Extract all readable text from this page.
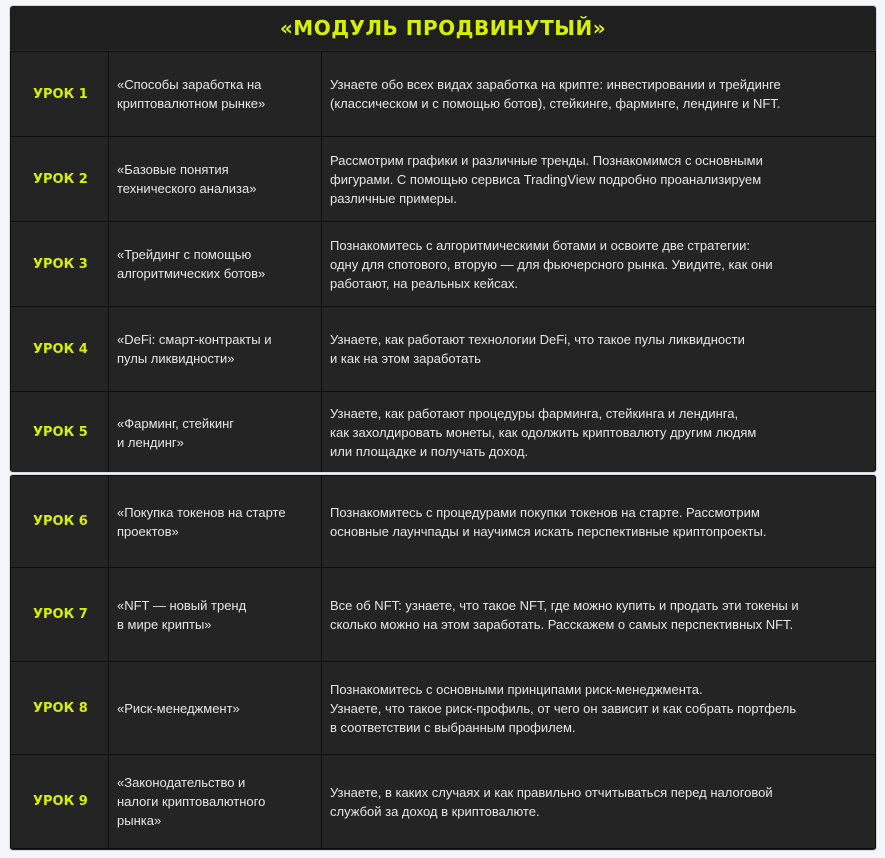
«МОДУЛЬ ПРОДВИНУТЫЙ»
УРОК 1	«Способы заработка на
криптовалютном рынке»	Узнаете обо всех видах заработка на крипте: инвестировании и трейдинге
(классическом и с помощью ботов), стейкинге, фарминге, лендинге и NFT.
УРОК 2	«Базовые понятия
технического анализа»	Рассмотрим графики и различные тренды. Познакомимся с основными
фигурами. С помощью сервиса TradingView подробно проанализируем
различные примеры.
УРОК 3	«Трейдинг с помощью
алгоритмических ботов»	Познакомитесь с алгоритмическими ботами и освоите две стратегии:
одну для спотового, вторую — для фьючерсного рынка. Увидите, как они
работают, на реальных кейсах.
УРОК 4	«DeFi: смарт-контракты и
пулы ликвидности»	Узнаете, как работают технологии DeFi, что такое пулы ликвидности
и как на этом заработать
УРОК 5	«Фарминг, стейкинг
и лендинг»	Узнаете, как работают процедуры фарминга, стейкинга и лендинга,
как захолдировать монеты, как одолжить криптовалюту другим людям
или площадке и получать доход.
УРОК 6	«Покупка токенов на старте
проектов»	Познакомитесь с процедурами покупки токенов на старте. Рассмотрим
основные лаунчпады и научимся искать перспективные криптопроекты.
УРОК 7	«NFT — новый тренд
в мире крипты»	Все об NFT: узнаете, что такое NFT, где можно купить и продать эти токены и
сколько можно на этом заработать. Расскажем о самых перспективных NFT.
УРОК 8	«Риск-менеджмент»	Познакомитесь с основными принципами риск-менеджмента.
Узнаете, что такое риск-профиль, от чего он зависит и как собрать портфель
в соответствии с выбранным профилем.
УРОК 9	«Законодательство и
налоги криптовалютного
рынка»	Узнаете, в каких случаях и как правильно отчитываться перед налоговой
службой за доход в криптовалюте.
